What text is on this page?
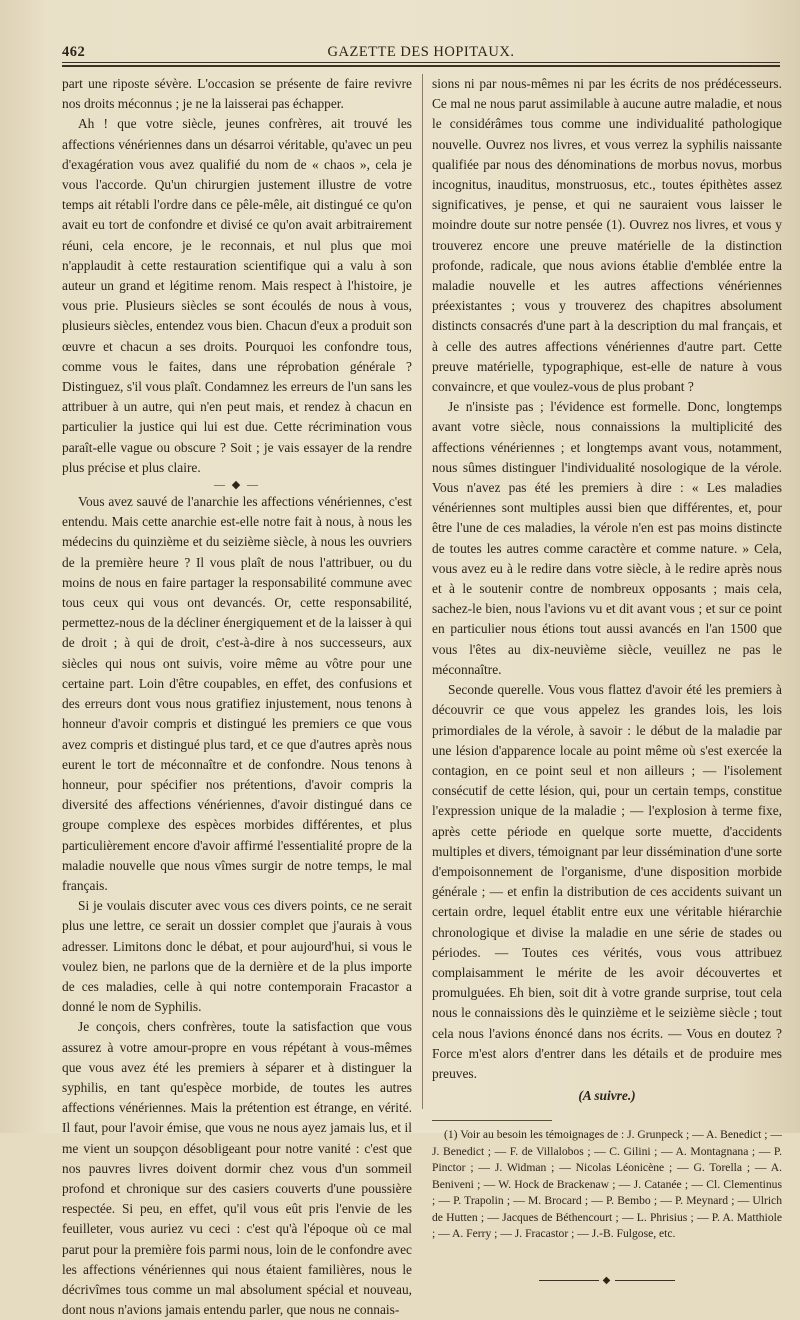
462	GAZETTE DES HOPITAUX.

part une riposte sévère. L'occasion se présente de faire revivre nos droits méconnus ; je ne la laisserai pas échapper.

Ah ! que votre siècle, jeunes confrères, ait trouvé les affections vénériennes dans un désarroi véritable, qu'avec un peu d'exagération vous avez qualifié du nom de « chaos », cela je vous l'accorde. Qu'un chirurgien justement illustre de votre temps ait rétabli l'ordre dans ce pêle-mêle, ait distingué ce qu'on avait eu tort de confondre et divisé ce qu'on avait arbitrairement réuni, cela encore, je le reconnais, et nul plus que moi n'applaudit à cette restauration scientifique qui a valu à son auteur un grand et légitime renom. Mais respect à l'histoire, je vous prie. Plusieurs siècles se sont écoulés de nous à vous, plusieurs siècles, entendez vous bien. Chacun d'eux a produit son œuvre et chacun a ses droits. Pourquoi les confondre tous, comme vous le faites, dans une réprobation générale ? Distinguez, s'il vous plaît. Condamnez les erreurs de l'un sans les attribuer à un autre, qui n'en peut mais, et rendez à chacun en particulier la justice qui lui est due. Cette récrimination vous paraît-elle vague ou obscure ? Soit ; je vais essayer de la rendre plus précise et plus claire.

— ◆ —

Vous avez sauvé de l'anarchie les affections vénériennes, c'est entendu. Mais cette anarchie est-elle notre fait à nous, à nous les médecins du quinzième et du seizième siècle, à nous les ouvriers de la première heure ? Il vous plaît de nous l'attribuer, ou du moins de nous en faire partager la responsabilité commune avec tous ceux qui vous ont devancés. Or, cette responsabilité, permettez-nous de la décliner énergiquement et de la laisser à qui de droit ; à qui de droit, c'est-à-dire à nos successeurs, aux siècles qui nous ont suivis, voire même au vôtre pour une certaine part. Loin d'être coupables, en effet, des confusions et des erreurs dont vous nous gratifiez injustement, nous tenons à honneur d'avoir compris et distingué les premiers ce que vous avez compris et distingué plus tard, et ce que d'autres après nous eurent le tort de méconnaître et de confondre. Nous tenons à honneur, pour spécifier nos prétentions, d'avoir compris la diversité des affections vénériennes, d'avoir distingué dans ce groupe complexe des espèces morbides différentes, et plus particulièrement encore d'avoir affirmé l'essentialité propre de la maladie nouvelle que nous vîmes surgir de notre temps, le mal français.

Si je voulais discuter avec vous ces divers points, ce ne serait plus une lettre, ce serait un dossier complet que j'aurais à vous adresser. Limitons donc le débat, et pour aujourd'hui, si vous le voulez bien, ne parlons que de la dernière et de la plus importe de ces maladies, celle à qui notre contemporain Fracastor a donné le nom de Syphilis.

Je conçois, chers confrères, toute la satisfaction que vous assurez à votre amour-propre en vous répétant à vous-mêmes que vous avez été les premiers à séparer et à distinguer la syphilis, en tant qu'espèce morbide, de toutes les autres affections vénériennes. Mais la prétention est étrange, en vérité. Il faut, pour l'avoir émise, que vous ne nous ayez jamais lus, et il me vient un soupçon désobligeant pour notre vanité : c'est que nos pauvres livres doivent dormir chez vous d'un sommeil profond et chronique sur des casiers couverts d'une poussière respectée. Si peu, en effet, qu'il vous eût pris l'envie de les feuilleter, vous auriez vu ceci : c'est qu'à l'époque où ce mal parut pour la première fois parmi nous, loin de le confondre avec les affections vénériennes qui nous étaient familières, nous le décrivîmes tous comme un mal absolument spécial et nouveau, dont nous n'avions jamais entendu parler, que nous ne connais-

sions ni par nous-mêmes ni par les écrits de nos prédécesseurs. Ce mal ne nous parut assimilable à aucune autre maladie, et nous le considérâmes tous comme une individualité pathologique nouvelle. Ouvrez nos livres, et vous verrez la syphilis naissante qualifiée par nous des dénominations de morbus novus, morbus incognitus, inauditus, monstruosus, etc., toutes épithètes assez significatives, je pense, et qui ne sauraient vous laisser le moindre doute sur notre pensée (1). Ouvrez nos livres, et vous y trouverez encore une preuve matérielle de la distinction profonde, radicale, que nous avions établie d'emblée entre la maladie nouvelle et les autres affections vénériennes préexistantes ; vous y trouverez des chapitres absolument distincts consacrés d'une part à la description du mal français, et à celle des autres affections vénériennes d'autre part. Cette preuve matérielle, typographique, est-elle de nature à vous convaincre, et que voulez-vous de plus probant ?

Je n'insiste pas ; l'évidence est formelle. Donc, longtemps avant votre siècle, nous connaissions la multiplicité des affections vénériennes ; et longtemps avant vous, notamment, nous sûmes distinguer l'individualité nosologique de la vérole. Vous n'avez pas été les premiers à dire : « Les maladies vénériennes sont multiples aussi bien que différentes, et, pour être l'une de ces maladies, la vérole n'en est pas moins distincte de toutes les autres comme caractère et comme nature. » Cela, vous avez eu à le redire dans votre siècle, à le redire après nous et à le soutenir contre de nombreux opposants ; mais cela, sachez-le bien, nous l'avions vu et dit avant vous ; et sur ce point en particulier nous étions tout aussi avancés en l'an 1500 que vous l'êtes au dix-neuvième siècle, veuillez ne pas le méconnaître.

Seconde querelle. Vous vous flattez d'avoir été les premiers à découvrir ce que vous appelez les grandes lois, les lois primordiales de la vérole, à savoir : le début de la maladie par une lésion d'apparence locale au point même où s'est exercée la contagion, en ce point seul et non ailleurs ; — l'isolement consécutif de cette lésion, qui, pour un certain temps, constitue l'expression unique de la maladie ; — l'explosion à terme fixe, après cette période en quelque sorte muette, d'accidents multiples et divers, témoignant par leur dissémination d'une sorte d'empoisonnement de l'organisme, d'une disposition morbide générale ; — et enfin la distribution de ces accidents suivant un certain ordre, lequel établit entre eux une véritable hiérarchie chronologique et divise la maladie en une série de stades ou périodes. — Toutes ces vérités, vous vous attribuez complaisamment le mérite de les avoir découvertes et promulguées. Eh bien, soit dit à votre grande surprise, tout cela nous le connaissions dès le quinzième et le seizième siècle ; tout cela nous l'avions énoncé dans nos écrits. — Vous en doutez ? Force m'est alors d'entrer dans les détails et de produire mes preuves.

(A suivre.)
(1) Voir au besoin les témoignages de : J. Grunpeck ; — A. Benedict ; — J. Benedict ; — F. de Villalobos ; — C. Gilini ; — A. Montagnana ; — P. Pinctor ; — J. Widman ; — Nicolas Léonicène ; — G. Torella ; — A. Beniveni ; — W. Hock de Brackenaw ; — J. Catanée ; — Cl. Clementinus ; — P. Trapolin ; — M. Brocard ; — P. Bembo ; — P. Meynard ; — Ulrich de Hutten ; — Jacques de Béthencourt ; — L. Phrisius ; — P. A. Matthiole ; — A. Ferry ; — J. Fracastor ; — J.-B. Fulgose, etc.
◆
